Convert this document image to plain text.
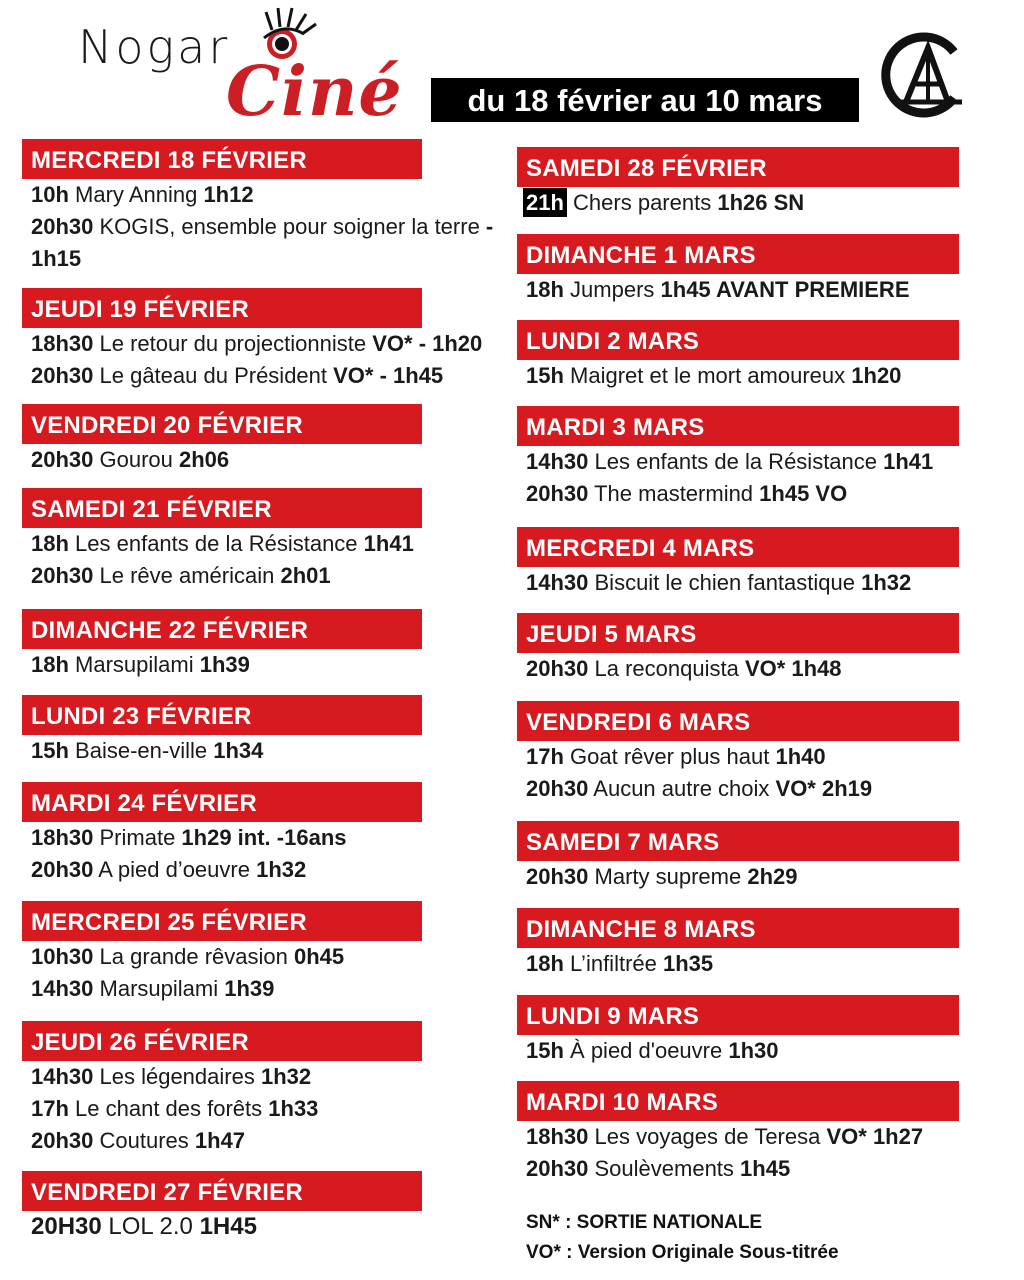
Nogar
Ciné	du 18 février au 10 mars
MERCREDI 18 FÉVRIER
10h Mary Anning 1h12
20h30 KOGIS, ensemble pour soigner la terre - 1h15
JEUDI 19 FÉVRIER
18h30 Le retour du projectionniste VO* - 1h20
20h30 Le gâteau du Président VO* - 1h45
VENDREDI 20 FÉVRIER
20h30 Gourou 2h06
SAMEDI 21 FÉVRIER
18h Les enfants de la Résistance 1h41
20h30 Le rêve américain 2h01
DIMANCHE 22 FÉVRIER
18h Marsupilami 1h39
LUNDI 23 FÉVRIER
15h Baise-en-ville 1h34
MARDI 24 FÉVRIER
18h30 Primate 1h29 int. -16ans
20h30 A pied d’oeuvre 1h32
MERCREDI 25 FÉVRIER
10h30 La grande rêvasion 0h45
14h30 Marsupilami 1h39
JEUDI 26 FÉVRIER
14h30 Les légendaires 1h32
17h Le chant des forêts 1h33
20h30 Coutures 1h47
VENDREDI 27 FÉVRIER
20H30 LOL 2.0 1H45
SAMEDI 28 FÉVRIER
21h Chers parents 1h26 SN
DIMANCHE 1 MARS
18h Jumpers 1h45 AVANT PREMIERE
LUNDI 2 MARS
15h Maigret et le mort amoureux 1h20
MARDI 3 MARS
14h30 Les enfants de la Résistance 1h41
20h30 The mastermind 1h45 VO
MERCREDI 4 MARS
14h30 Biscuit le chien fantastique 1h32
JEUDI 5 MARS
20h30 La reconquista VO* 1h48
VENDREDI 6 MARS
17h Goat rêver plus haut 1h40
20h30 Aucun autre choix VO* 2h19
SAMEDI 7 MARS
20h30 Marty supreme 2h29
DIMANCHE 8 MARS
18h L’infiltrée 1h35
LUNDI 9 MARS
15h À pied d'oeuvre 1h30
MARDI 10 MARS
18h30 Les voyages de Teresa VO* 1h27
20h30 Soulèvements 1h45
SN* : SORTIE NATIONALE
VO* : Version Originale Sous-titrée
